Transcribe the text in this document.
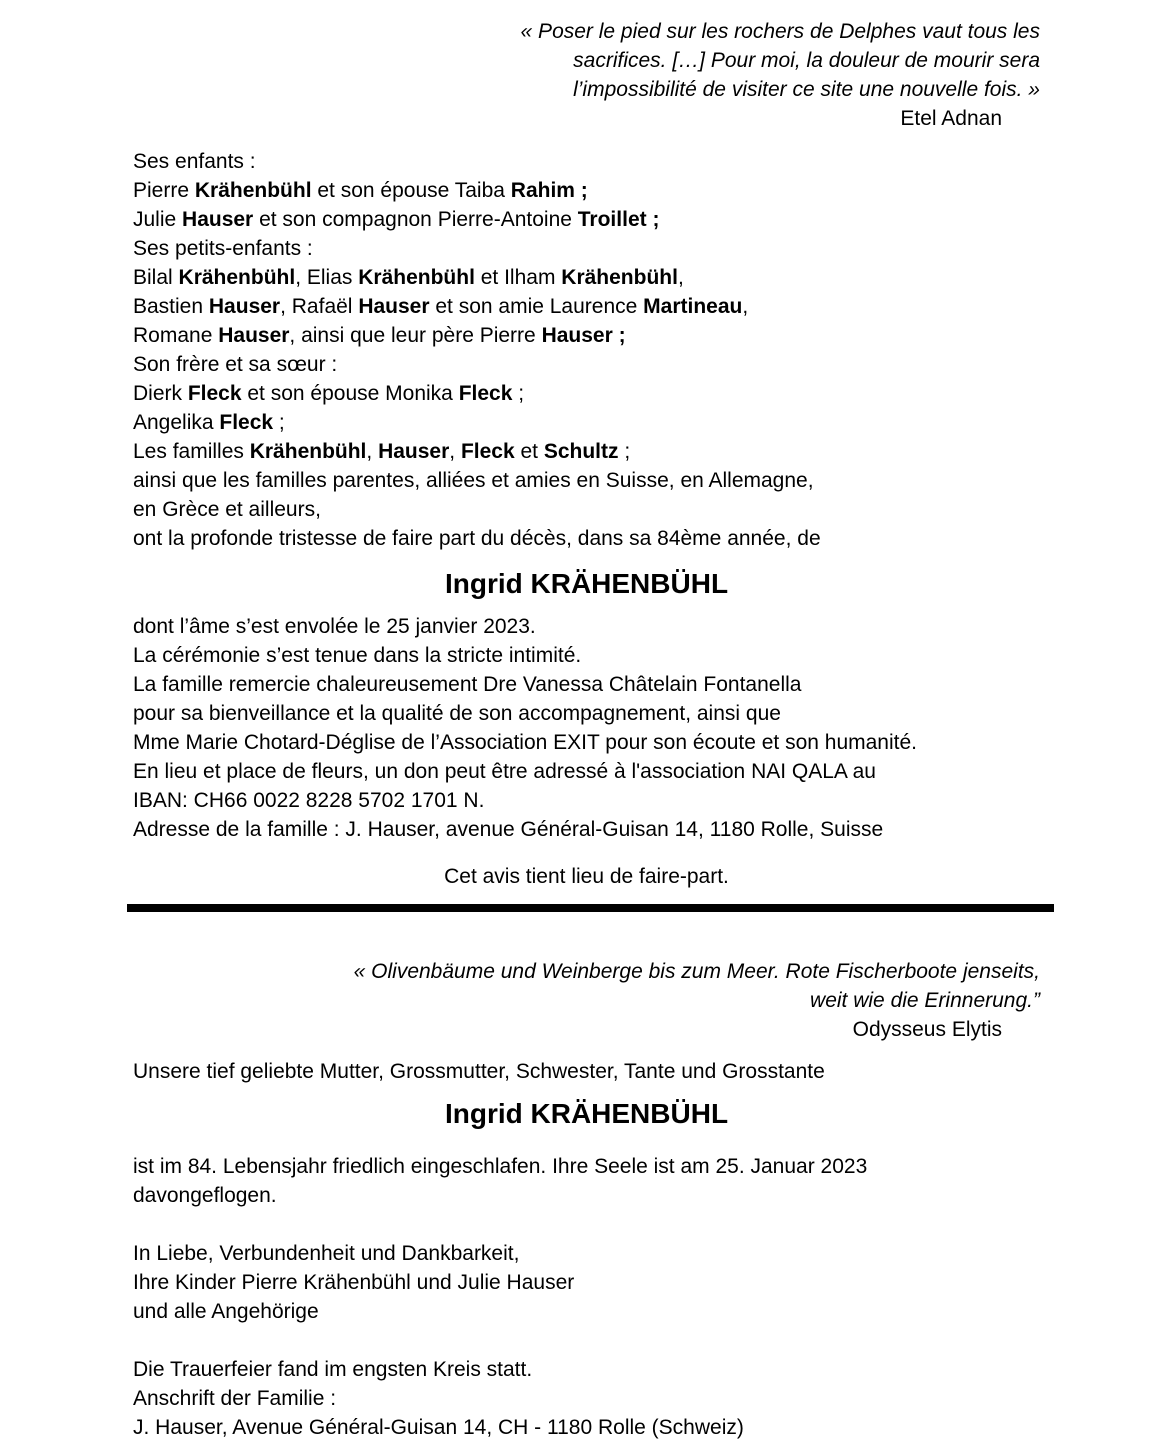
« Poser le pied sur les rochers de Delphes vaut tous les
sacrifices. […] Pour moi, la douleur de mourir sera
l’impossibilité de visiter ce site une nouvelle fois. »
Etel Adnan
Ses enfants :
Pierre Krähenbühl et son épouse Taiba Rahim ;
Julie Hauser et son compagnon Pierre-Antoine Troillet ;
Ses petits-enfants :
Bilal Krähenbühl, Elias Krähenbühl et Ilham Krähenbühl,
Bastien Hauser, Rafaël Hauser et son amie Laurence Martineau,
Romane Hauser, ainsi que leur père Pierre Hauser ;
Son frère et sa sœur :
Dierk Fleck et son épouse Monika Fleck ;
Angelika Fleck ;
Les familles Krähenbühl, Hauser, Fleck et Schultz ;
ainsi que les familles parentes, alliées et amies en Suisse, en Allemagne,
en Grèce et ailleurs,
ont la profonde tristesse de faire part du décès, dans sa 84ème année, de
Ingrid KRÄHENBÜHL
dont l’âme s’est envolée le 25 janvier 2023.
La cérémonie s’est tenue dans la stricte intimité.
La famille remercie chaleureusement Dre Vanessa Châtelain Fontanella
pour sa bienveillance et la qualité de son accompagnement, ainsi que
Mme Marie Chotard-Déglise de l’Association EXIT pour son écoute et son humanité.
En lieu et place de fleurs, un don peut être adressé à l'association NAI QALA au
IBAN: CH66 0022 8228 5702 1701 N.
Adresse de la famille : J. Hauser, avenue Général-Guisan 14, 1180 Rolle, Suisse
Cet avis tient lieu de faire-part.
« Olivenbäume und Weinberge bis zum Meer. Rote Fischerboote jenseits,
weit wie die Erinnerung.”
Odysseus Elytis
Unsere tief geliebte Mutter, Grossmutter, Schwester, Tante und Grosstante
Ingrid KRÄHENBÜHL
ist im 84. Lebensjahr friedlich eingeschlafen. Ihre Seele ist am 25. Januar 2023
davongeflogen.

In Liebe, Verbundenheit und Dankbarkeit,
Ihre Kinder Pierre Krähenbühl und Julie Hauser
und alle Angehörige

Die Trauerfeier fand im engsten Kreis statt.
Anschrift der Familie :
J. Hauser, Avenue Général-Guisan 14, CH - 1180 Rolle (Schweiz)
